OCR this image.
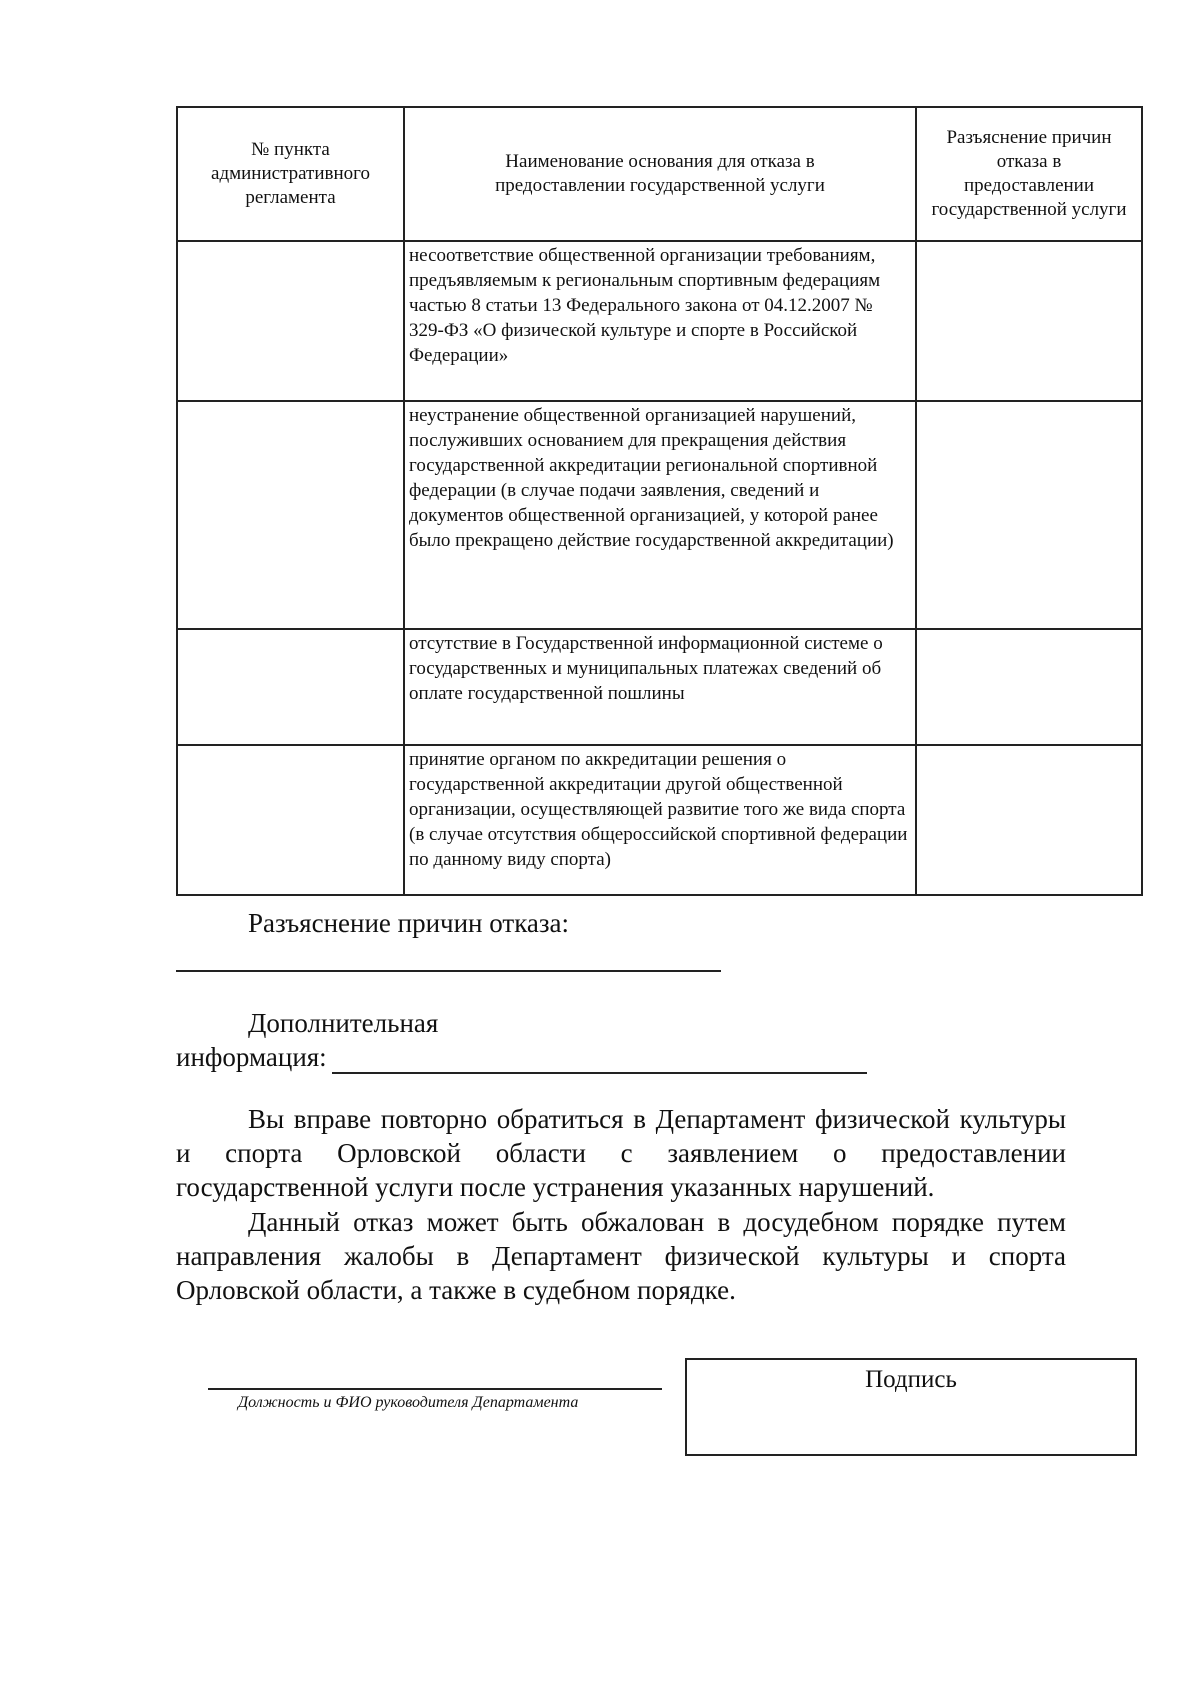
№ пункта административного регламента	Наименование основания для отказа в предоставлении государственной услуги	Разъяснение причин отказа в предоставлении государственной услуги
	несоответствие общественной организации требованиям, предъявляемым к региональным спортивным федерациям частью 8 статьи 13 Федерального закона от 04.12.2007 № 329-ФЗ «О физической культуре и спорте в Российской Федерации»	
	неустранение общественной организацией нарушений, послуживших основанием для прекращения действия государственной аккредитации региональной спортивной федерации (в случае подачи заявления, сведений и документов общественной организацией, у которой ранее было прекращено действие государственной аккредитации)	
	отсутствие в Государственной информационной системе о государственных и муниципальных платежах сведений об оплате государственной пошлины	
	принятие органом по аккредитации решения о государственной аккредитации другой общественной организации, осуществляющей развитие того же вида спорта (в случае отсутствия общероссийской спортивной федерации по данному виду спорта)	
Разъяснение причин отказа:
Дополнительная
информация:
Вы вправе повторно обратиться в Департамент физической культуры и спорта Орловской области с заявлением о предоставлении государственной услуги после устранения указанных нарушений.
Данный отказ может быть обжалован в досудебном порядке путем направления жалобы в Департамент физической культуры и спорта Орловской области, а также в судебном порядке.
Должность и ФИО руководителя Департамента
Подпись
